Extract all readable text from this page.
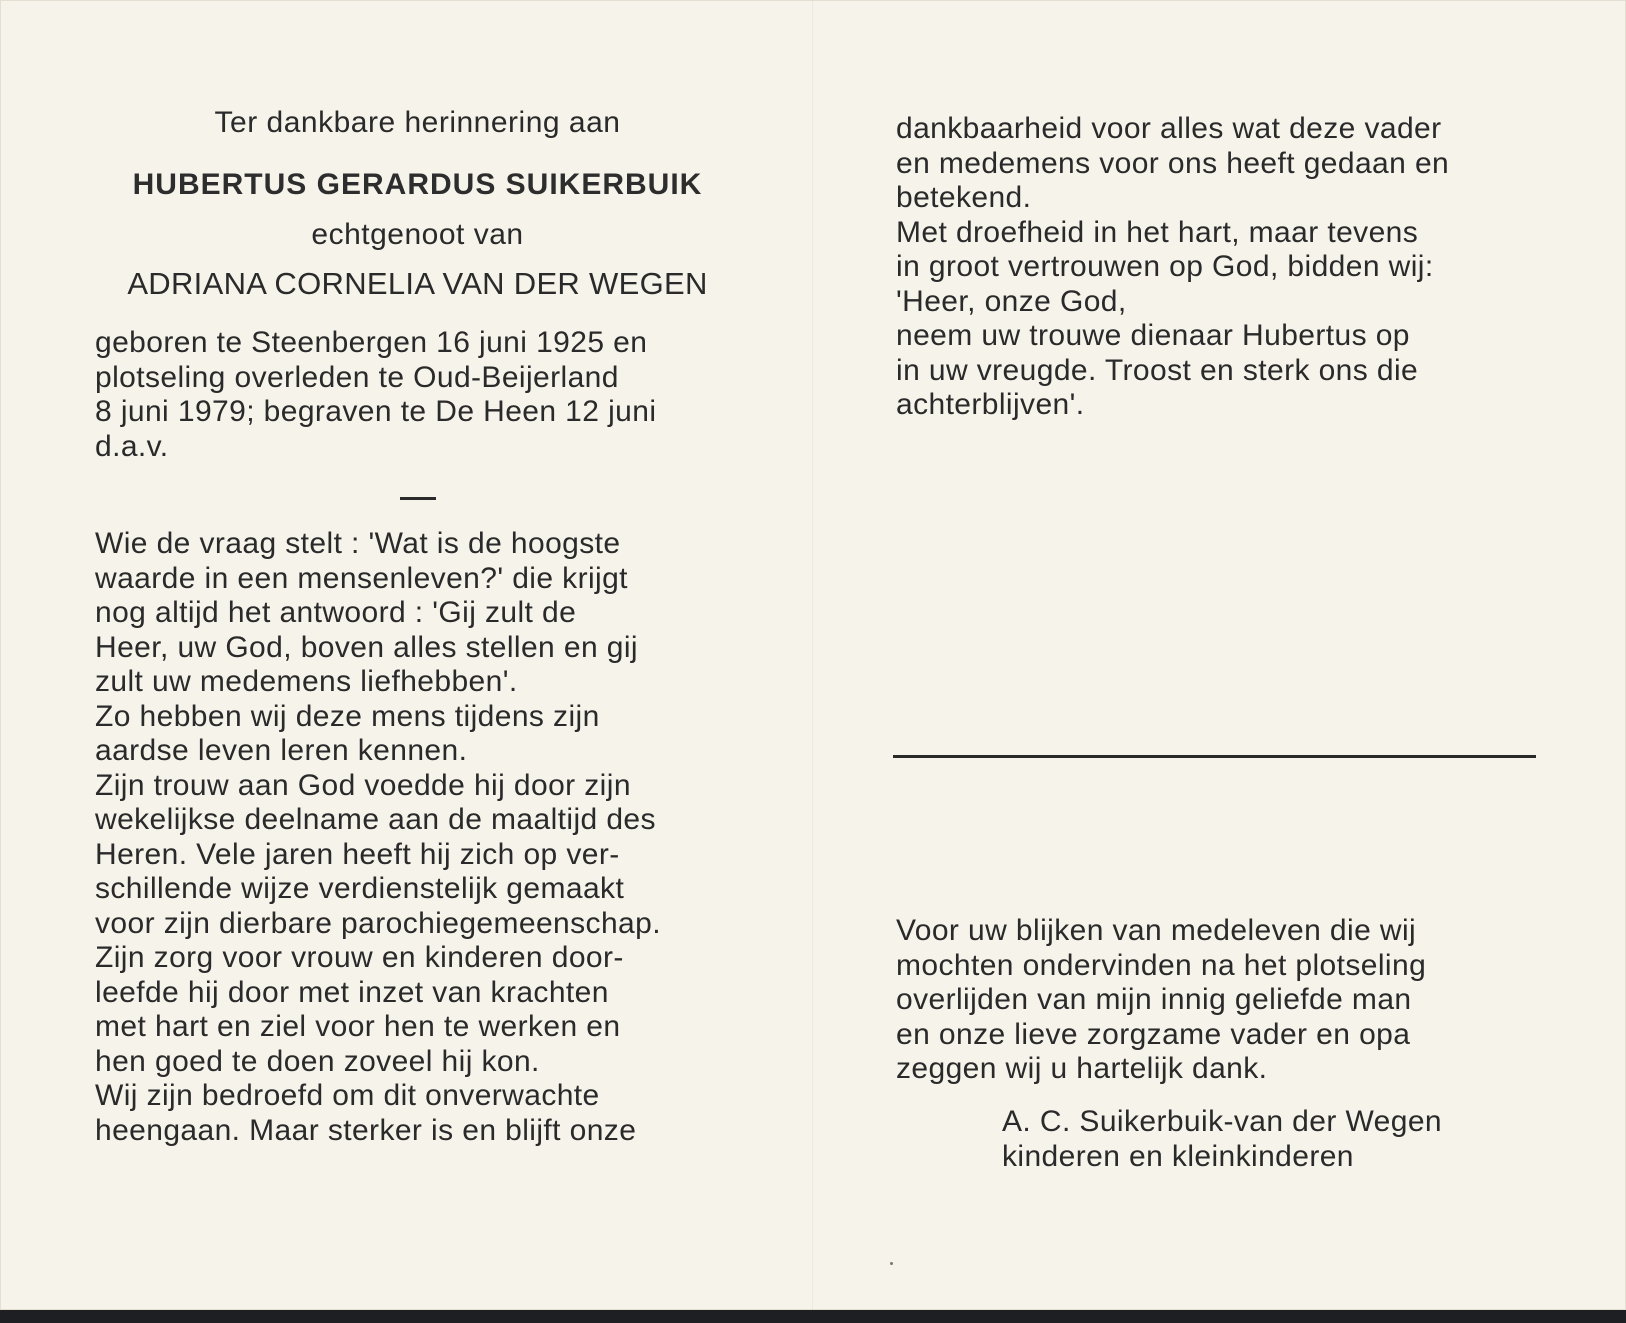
Ter dankbare herinnering aan
HUBERTUS GERARDUS SUIKERBUIK
echtgenoot van
ADRIANA CORNELIA VAN DER WEGEN
geboren te Steenbergen 16 juni 1925 en
plotseling overleden te Oud-Beijerland
8 juni 1979; begraven te De Heen 12 juni
d.a.v.
Wie de vraag stelt : 'Wat is de hoogste
waarde in een mensenleven?' die krijgt
nog altijd het antwoord : 'Gij zult de
Heer, uw God, boven alles stellen en gij
zult uw medemens liefhebben'.
Zo hebben wij deze mens tijdens zijn
aardse leven leren kennen.
Zijn trouw aan God voedde hij door zijn
wekelijkse deelname aan de maaltijd des
Heren. Vele jaren heeft hij zich op ver-
schillende wijze verdienstelijk gemaakt
voor zijn dierbare parochiegemeenschap.
Zijn zorg voor vrouw en kinderen door-
leefde hij door met inzet van krachten
met hart en ziel voor hen te werken en
hen goed te doen zoveel hij kon.
Wij zijn bedroefd om dit onverwachte
heengaan. Maar sterker is en blijft onze
dankbaarheid voor alles wat deze vader
en medemens voor ons heeft gedaan en
betekend.
Met droefheid in het hart, maar tevens
in groot vertrouwen op God, bidden wij:
'Heer, onze God,
neem uw trouwe dienaar Hubertus op
in uw vreugde. Troost en sterk ons die
achterblijven'.
Voor uw blijken van medeleven die wij
mochten ondervinden na het plotseling
overlijden van mijn innig geliefde man
en onze lieve zorgzame vader en opa
zeggen wij u hartelijk dank.
A. C. Suikerbuik-van der Wegen
kinderen en kleinkinderen
